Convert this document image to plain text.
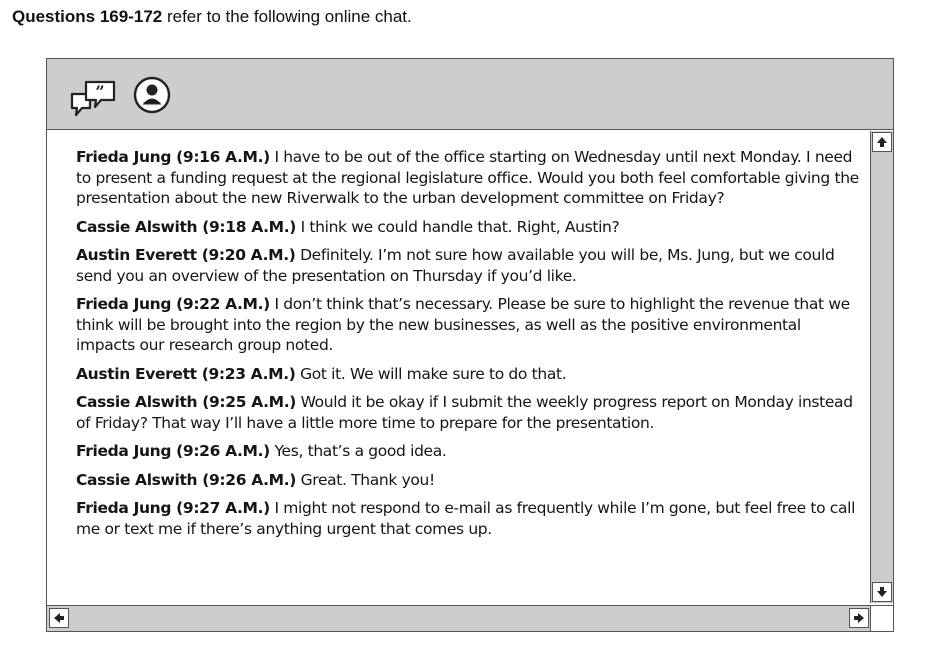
Questions 169-172 refer to the following online chat.
”

Frieda Jung (9:16 A.M.) I have to be out of the office starting on Wednesday until next Monday. I need to present a funding request at the regional legislature office. Would you both feel comfortable giving the presentation about the new Riverwalk to the urban development committee on Friday?

Cassie Alswith (9:18 A.M.) I think we could handle that. Right, Austin?

Austin Everett (9:20 A.M.) Definitely. I’m not sure how available you will be, Ms. Jung, but we could send you an overview of the presentation on Thursday if you’d like.

Frieda Jung (9:22 A.M.) I don’t think that’s necessary. Please be sure to highlight the revenue that we think will be brought into the region by the new businesses, as well as the positive environmental impacts our research group noted.

Austin Everett (9:23 A.M.) Got it. We will make sure to do that.

Cassie Alswith (9:25 A.M.) Would it be okay if I submit the weekly progress report on Monday instead of Friday? That way I’ll have a little more time to prepare for the presentation.

Frieda Jung (9:26 A.M.) Yes, that’s a good idea.

Cassie Alswith (9:26 A.M.) Great. Thank you!

Frieda Jung (9:27 A.M.) I might not respond to e-mail as frequently while I’m gone, but feel free to call me or text me if there’s anything urgent that comes up.
